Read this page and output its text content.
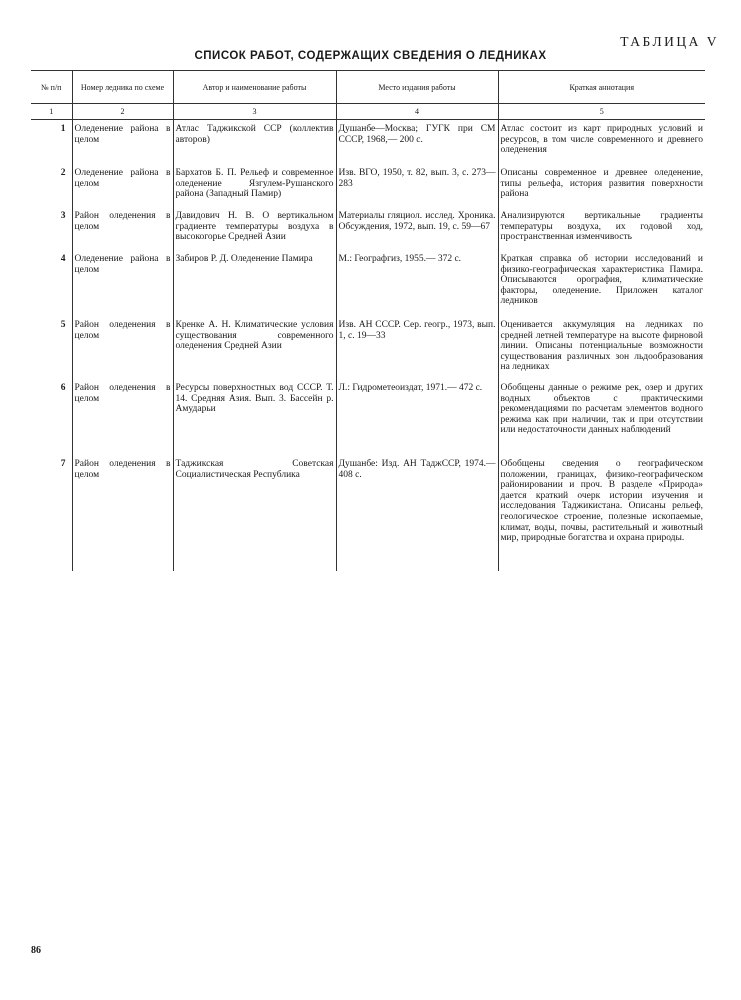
ТАБЛИЦА V
СПИСОК РАБОТ, СОДЕРЖАЩИХ СВЕДЕНИЯ О ЛЕДНИКАХ
№ п/п	Номер ледника по схеме	Автор и наименование работы	Место издания работы	Краткая аннотация
1	2	3	4	5

1	Оледенение района в целом	Атлас Таджикской ССР (коллектив авторов)	Душанбе—Москва; ГУГК при СМ СССР, 1968,— 200 с.	Атлас состоит из карт природных условий и ресурсов, в том числе современного и древнего оледенения
2	Оледенение района в целом	Бархатов Б. П. Рельеф и современное оледенение Язгулем-Рушанского района (Западный Памир)	Изв. ВГО, 1950, т. 82, вып. 3, с. 273—283	Описаны современное и древнее оледенение, типы рельефа, история развития поверхности района
3	Район оледенения в целом	Давидович Н. В. О вертикальном градиенте температуры воздуха в высокогорье Средней Азии	Материалы гляциол. исслед. Хроника. Обсуждения, 1972, вып. 19, с. 59—67	Анализируются вертикальные градиенты температуры воздуха, их годовой ход, пространственная изменчивость
4	Оледенение района в целом	Забиров Р. Д. Оледенение Памира	М.: Географгиз, 1955.— 372 с.	Краткая справка об истории исследований и физико-географическая характеристика Памира. Описываются орография, климатические факторы, оледенение. Приложен каталог ледников
5	Район оледенения в целом	Кренке А. Н. Климатические условия существования современного оледенения Средней Азии	Изв. АН СССР. Сер. геогр., 1973, вып. 1, с. 19—33	Оценивается аккумуляция на ледниках по средней летней температуре на высоте фирновой линии. Описаны потенциальные возможности существования различных зон льдообразования на ледниках
6	Район оледенения в целом	Ресурсы поверхностных вод СССР. Т. 14. Средняя Азия. Вып. 3. Бассейн р. Амударьи	Л.: Гидрометеоиздат, 1971.— 472 с.	Обобщены данные о режиме рек, озер и других водных объектов с практическими рекомендациями по расчетам элементов водного режима как при наличии, так и при отсутствии или недостаточности данных наблюдений
7	Район оледенения в целом	Таджикская Советская Социалистическая Республика	Душанбе: Изд. АН ТаджССР, 1974.— 408 с.	Обобщены сведения о географическом положении, границах, физико-географическом районировании и проч. В разделе «Природа» дается краткий очерк истории изучения и исследования Таджикистана. Описаны рельеф, геологическое строение, полезные ископаемые, климат, воды, почвы, растительный и животный мир, природные богатства и охрана природы.
86
